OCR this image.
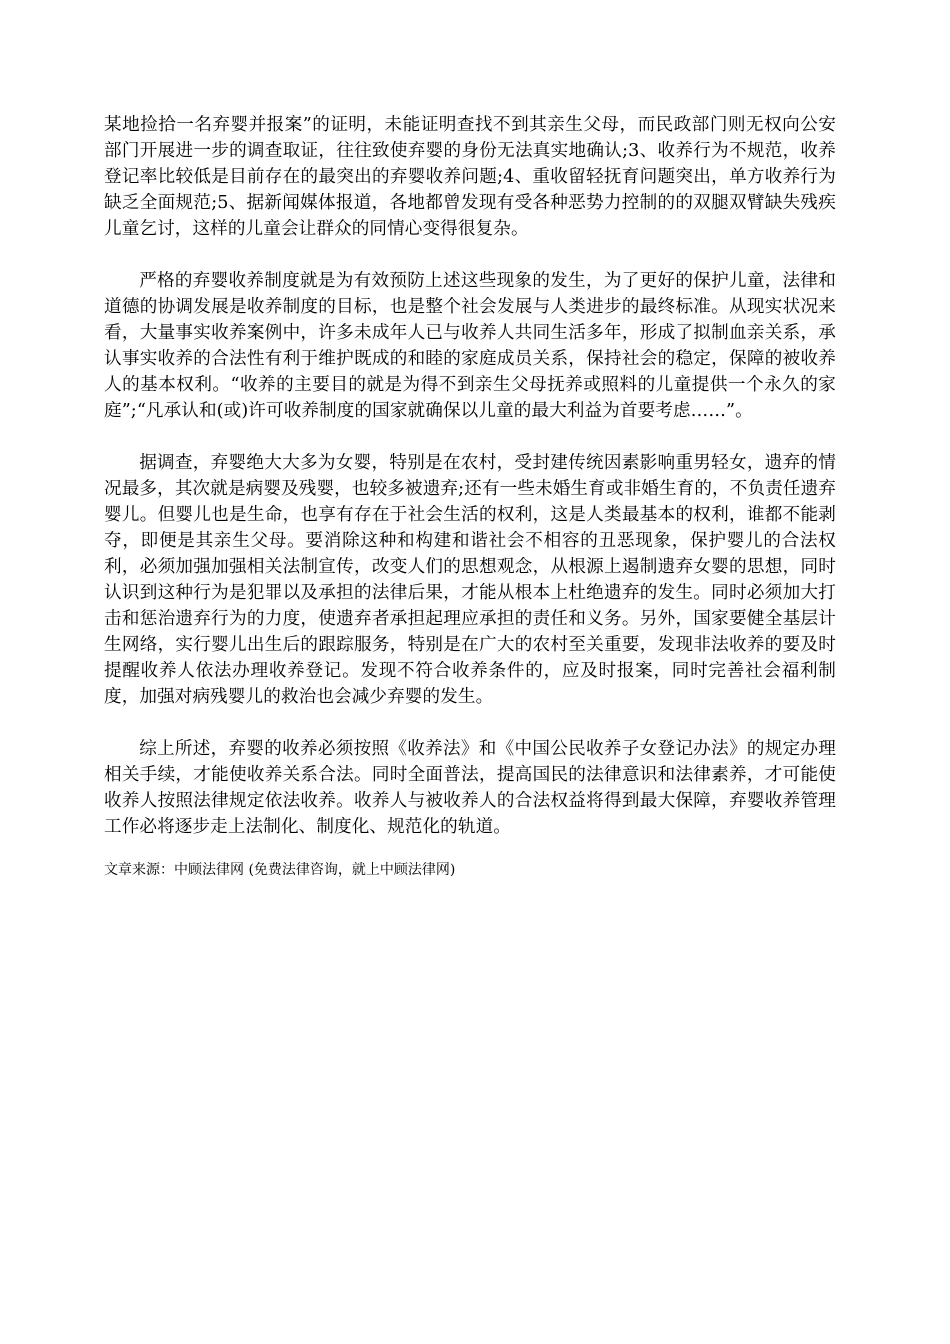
某地捡拾一名弃婴并报案”的证明，未能证明查找不到其亲生父母，而民政部门则无权向公安部门开展进一步的调查取证，往往致使弃婴的身份无法真实地确认;3、收养行为不规范，收养登记率比较低是目前存在的最突出的弃婴收养问题;4、重收留轻抚育问题突出，单方收养行为缺乏全面规范;5、据新闻媒体报道，各地都曾发现有受各种恶势力控制的的双腿双臂缺失残疾儿童乞讨，这样的儿童会让群众的同情心变得很复杂。

严格的弃婴收养制度就是为有效预防上述这些现象的发生，为了更好的保护儿童，法律和道德的协调发展是收养制度的目标，也是整个社会发展与人类进步的最终标准。从现实状况来看，大量事实收养案例中，许多未成年人已与收养人共同生活多年，形成了拟制血亲关系，承认事实收养的合法性有利于维护既成的和睦的家庭成员关系，保持社会的稳定，保障的被收养人的基本权利。“收养的主要目的就是为得不到亲生父母抚养或照料的儿童提供一个永久的家庭”;“凡承认和(或)许可收养制度的国家就确保以儿童的最大利益为首要考虑……”。

据调查，弃婴绝大大多为女婴，特别是在农村，受封建传统因素影响重男轻女，遗弃的情况最多，其次就是病婴及残婴，也较多被遗弃;还有一些未婚生育或非婚生育的，不负责任遗弃婴儿。但婴儿也是生命，也享有存在于社会生活的权利，这是人类最基本的权利，谁都不能剥夺，即便是其亲生父母。要消除这种和构建和谐社会不相容的丑恶现象，保护婴儿的合法权利，必须加强加强相关法制宣传，改变人们的思想观念，从根源上遏制遗弃女婴的思想，同时认识到这种行为是犯罪以及承担的法律后果，才能从根本上杜绝遗弃的发生。同时必须加大打击和惩治遗弃行为的力度，使遗弃者承担起理应承担的责任和义务。另外，国家要健全基层计生网络，实行婴儿出生后的跟踪服务，特别是在广大的农村至关重要，发现非法收养的要及时提醒收养人依法办理收养登记。发现不符合收养条件的，应及时报案，同时完善社会福利制度，加强对病残婴儿的救治也会减少弃婴的发生。

综上所述，弃婴的收养必须按照《收养法》和《中国公民收养子女登记办法》的规定办理相关手续，才能使收养关系合法。同时全面普法，提高国民的法律意识和法律素养，才可能使收养人按照法律规定依法收养。收养人与被收养人的合法权益将得到最大保障，弃婴收养管理工作必将逐步走上法制化、制度化、规范化的轨道。

文章来源：中顾法律网 (免费法律咨询，就上中顾法律网)
